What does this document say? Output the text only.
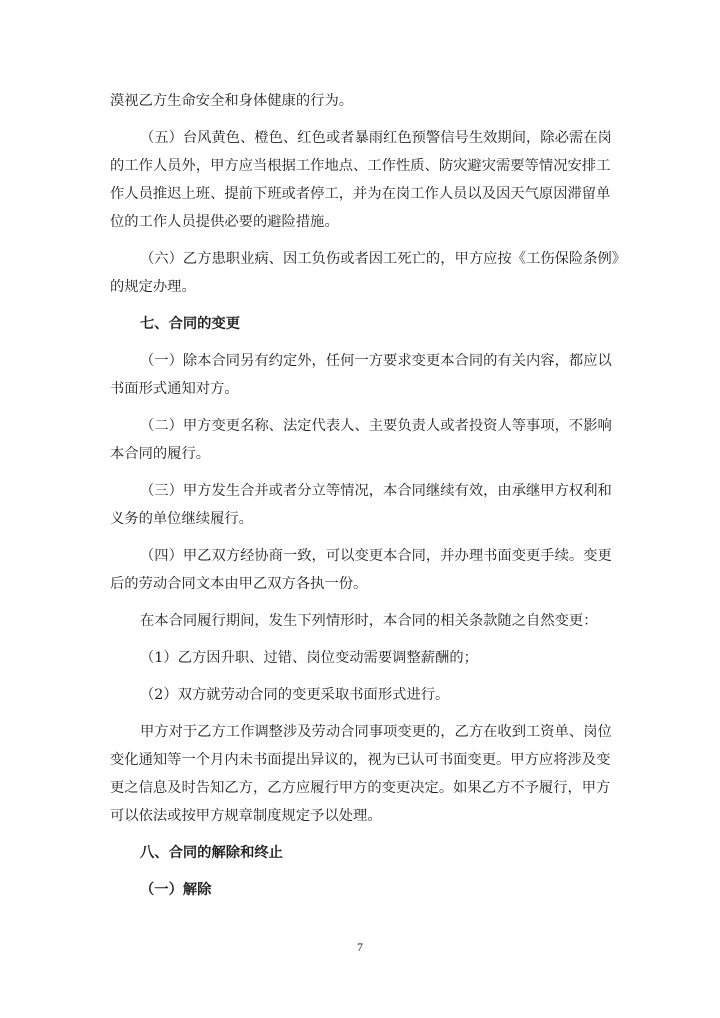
漠视乙方生命安全和身体健康的行为。
（五）台风黄色、橙色、红色或者暴雨红色预警信号生效期间，除必需在岗
的工作人员外，甲方应当根据工作地点、工作性质、防灾避灾需要等情况安排工
作人员推迟上班、提前下班或者停工，并为在岗工作人员以及因天气原因滞留单
位的工作人员提供必要的避险措施。
（六）乙方患职业病、因工负伤或者因工死亡的，甲方应按《工伤保险条例》
的规定办理。
七、合同的变更
（一）除本合同另有约定外，任何一方要求变更本合同的有关内容，都应以
书面形式通知对方。
（二）甲方变更名称、法定代表人、主要负责人或者投资人等事项，不影响
本合同的履行。
（三）甲方发生合并或者分立等情况，本合同继续有效，由承继甲方权利和
义务的单位继续履行。
（四）甲乙双方经协商一致，可以变更本合同，并办理书面变更手续。变更
后的劳动合同文本由甲乙双方各执一份。
在本合同履行期间，发生下列情形时，本合同的相关条款随之自然变更：
（1）乙方因升职、过错、岗位变动需要调整薪酬的；
（2）双方就劳动合同的变更采取书面形式进行。
甲方对于乙方工作调整涉及劳动合同事项变更的，乙方在收到工资单、岗位
变化通知等一个月内未书面提出异议的，视为已认可书面变更。甲方应将涉及变
更之信息及时告知乙方，乙方应履行甲方的变更决定。如果乙方不予履行，甲方
可以依法或按甲方规章制度规定予以处理。
八、合同的解除和终止
（一）解除
7
